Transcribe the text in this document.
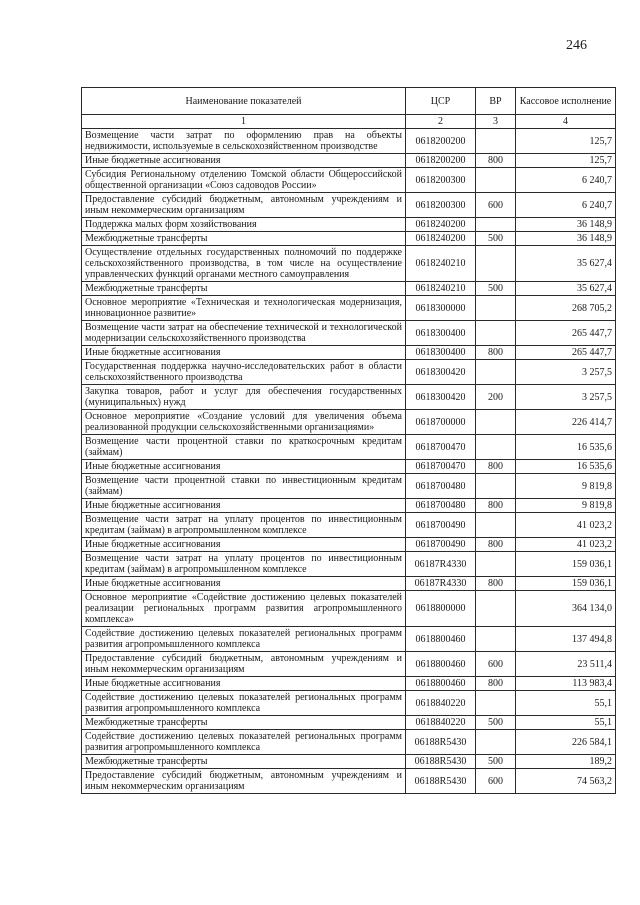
246
Наименование показателей	ЦСР	ВР	Кассовое исполнение
1	2	3	4
Возмещение части затрат по оформлению прав на объекты недвижимости, используемые в сельскохозяйственном производстве	0618200200		125,7
Иные бюджетные ассигнования	0618200200	800	125,7
Субсидия Региональному отделению Томской области Общероссийской общественной организации «Союз садоводов России»	0618200300		6 240,7
Предоставление субсидий бюджетным, автономным учреждениям и иным некоммерческим организациям	0618200300	600	6 240,7
Поддержка малых форм хозяйствования	0618240200		36 148,9
Межбюджетные трансферты	0618240200	500	36 148,9
Осуществление отдельных государственных полномочий по поддержке сельскохозяйственного производства, в том числе на осуществление управленческих функций органами местного самоуправления	0618240210		35 627,4
Межбюджетные трансферты	0618240210	500	35 627,4
Основное мероприятие «Техническая и технологическая модернизация, инновационное развитие»	0618300000		268 705,2
Возмещение части затрат на обеспечение технической и технологической модернизации сельскохозяйственного производства	0618300400		265 447,7
Иные бюджетные ассигнования	0618300400	800	265 447,7
Государственная поддержка научно-исследовательских работ в области сельскохозяйственного производства	0618300420		3 257,5
Закупка товаров, работ и услуг для обеспечения государственных (муниципальных) нужд	0618300420	200	3 257,5
Основное мероприятие «Создание условий для увеличения объема реализованной продукции сельскохозяйственными организациями»	0618700000		226 414,7
Возмещение части процентной ставки по краткосрочным кредитам (займам)	0618700470		16 535,6
Иные бюджетные ассигнования	0618700470	800	16 535,6
Возмещение части процентной ставки по инвестиционным кредитам (займам)	0618700480		9 819,8
Иные бюджетные ассигнования	0618700480	800	9 819,8
Возмещение части затрат на уплату процентов по инвестиционным кредитам (займам) в агропромышленном комплексе	0618700490		41 023,2
Иные бюджетные ассигнования	0618700490	800	41 023,2
Возмещение части затрат на уплату процентов по инвестиционным кредитам (займам) в агропромышленном комплексе	06187R4330		159 036,1
Иные бюджетные ассигнования	06187R4330	800	159 036,1
Основное мероприятие «Содействие достижению целевых показателей реализации региональных программ развития агропромышленного комплекса»	0618800000		364 134,0
Содействие достижению целевых показателей региональных программ развития агропромышленного комплекса	0618800460		137 494,8
Предоставление субсидий бюджетным, автономным учреждениям и иным некоммерческим организациям	0618800460	600	23 511,4
Иные бюджетные ассигнования	0618800460	800	113 983,4
Содействие достижению целевых показателей региональных программ развития агропромышленного комплекса	0618840220		55,1
Межбюджетные трансферты	0618840220	500	55,1
Содействие достижению целевых показателей региональных программ развития агропромышленного комплекса	06188R5430		226 584,1
Межбюджетные трансферты	06188R5430	500	189,2
Предоставление субсидий бюджетным, автономным учреждениям и иным некоммерческим организациям	06188R5430	600	74 563,2
